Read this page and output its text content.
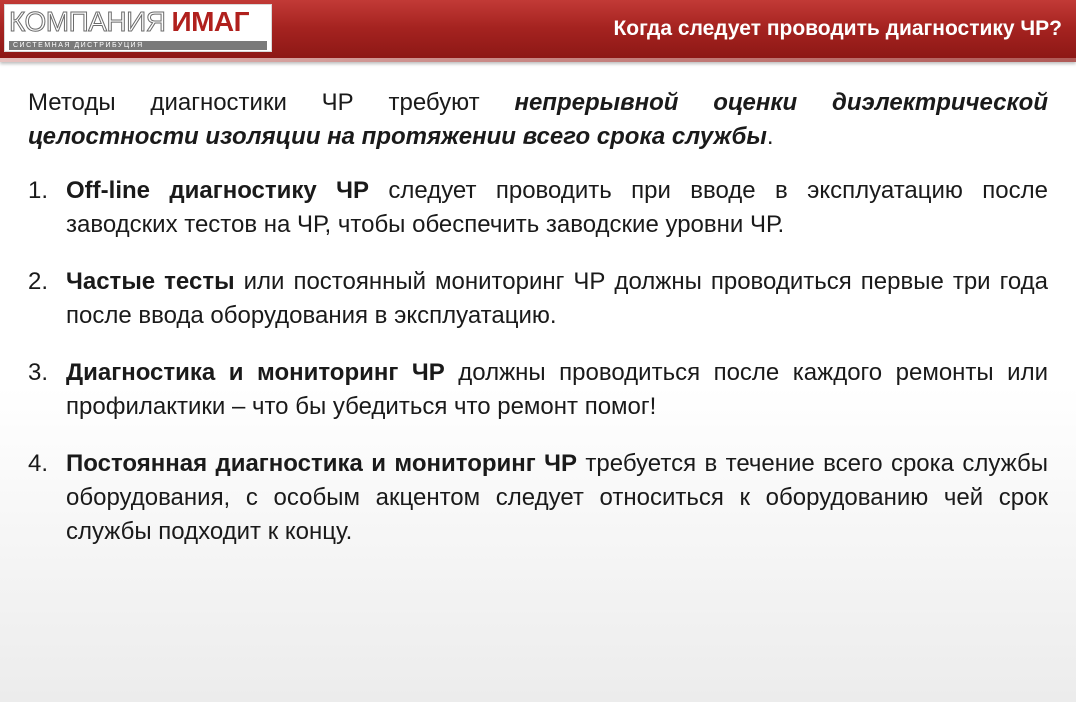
КОМПАНИЯ ИМАГ
СИСТЕМНАЯ ДИСТРИБУЦИЯ
Когда следует проводить диагностику ЧР?

Методы диагностики ЧР требуют непрерывной оценки диэлектрической целостности изоляции на протяжении всего срока службы.

1. Off-line диагностику ЧР следует проводить при вводе в эксплуатацию после заводских тестов на ЧР, чтобы обеспечить заводские уровни ЧР.
2. Частые тесты или постоянный мониторинг ЧР должны проводиться первые три года после ввода оборудования в эксплуатацию.
3. Диагностика и мониторинг ЧР должны проводиться после каждого ремонты или профилактики – что бы убедиться что ремонт помог!
4. Постоянная диагностика и мониторинг ЧР требуется в течение всего срока службы оборудования, с особым акцентом следует относиться к оборудованию чей срок службы подходит к концу.
